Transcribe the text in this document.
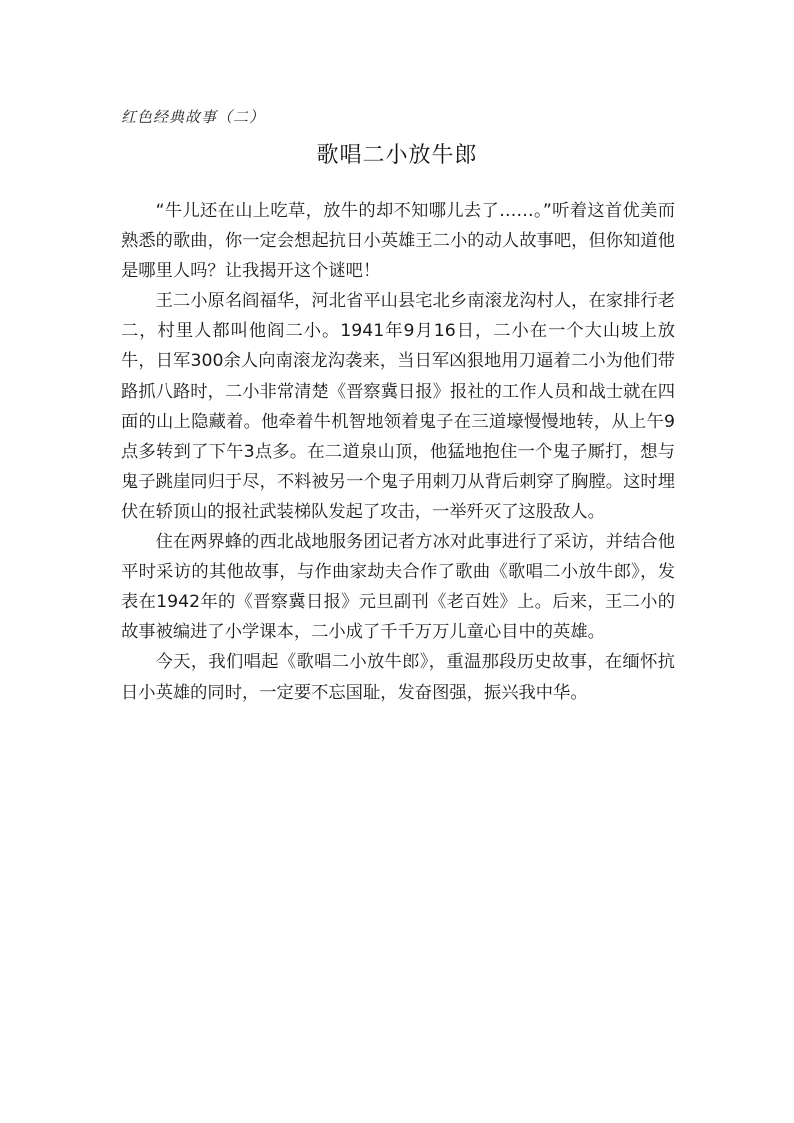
红色经典故事（二）
歌唱二小放牛郎

“牛儿还在山上吃草，放牛的却不知哪儿去了……。”听着这首优美而熟悉的歌曲，你一定会想起抗日小英雄王二小的动人故事吧，但你知道他是哪里人吗？让我揭开这个谜吧！

王二小原名阎福华，河北省平山县宅北乡南滚龙沟村人，在家排行老二，村里人都叫他阎二小。1941年9月16日，二小在一个大山坡上放牛，日军300余人向南滚龙沟袭来，当日军凶狠地用刀逼着二小为他们带路抓八路时，二小非常清楚《晋察冀日报》报社的工作人员和战士就在四面的山上隐藏着。他牵着牛机智地领着鬼子在三道壕慢慢地转，从上午9点多转到了下午3点多。在二道泉山顶，他猛地抱住一个鬼子厮打，想与鬼子跳崖同归于尽，不料被另一个鬼子用刺刀从背后刺穿了胸膛。这时埋伏在轿顶山的报社武装梯队发起了攻击，一举歼灭了这股敌人。

住在两界蜂的西北战地服务团记者方冰对此事进行了采访，并结合他平时采访的其他故事，与作曲家劫夫合作了歌曲《歌唱二小放牛郎》，发表在1942年的《晋察冀日报》元旦副刊《老百姓》上。后来，王二小的故事被编进了小学课本，二小成了千千万万儿童心目中的英雄。

今天，我们唱起《歌唱二小放牛郎》，重温那段历史故事，在缅怀抗日小英雄的同时，一定要不忘国耻，发奋图强，振兴我中华。
